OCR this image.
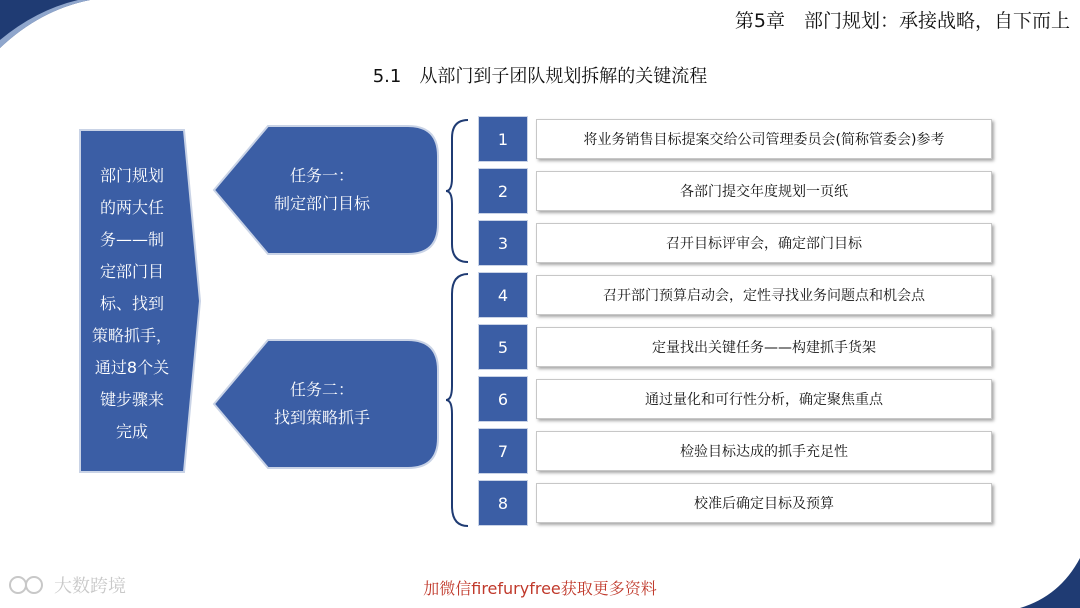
第5章　部门规划：承接战略，自下而上
5.1　从部门到子团队规划拆解的关键流程
部门规划
的两大任
务——制
定部门目
标、找到
策略抓手，
通过8个关
键步骤来
完成
任务一：
制定部门目标
任务二：
找到策略抓手
1	将业务销售目标提案交给公司管理委员会(简称管委会)参考
2	各部门提交年度规划一页纸
3	召开目标评审会，确定部门目标
4	召开部门预算启动会，定性寻找业务问题点和机会点
5	定量找出关键任务——构建抓手货架
6	通过量化和可行性分析，确定聚焦重点
7	检验目标达成的抓手充足性
8	校准后确定目标及预算
大数跨境	加微信firefuryfree获取更多资料
